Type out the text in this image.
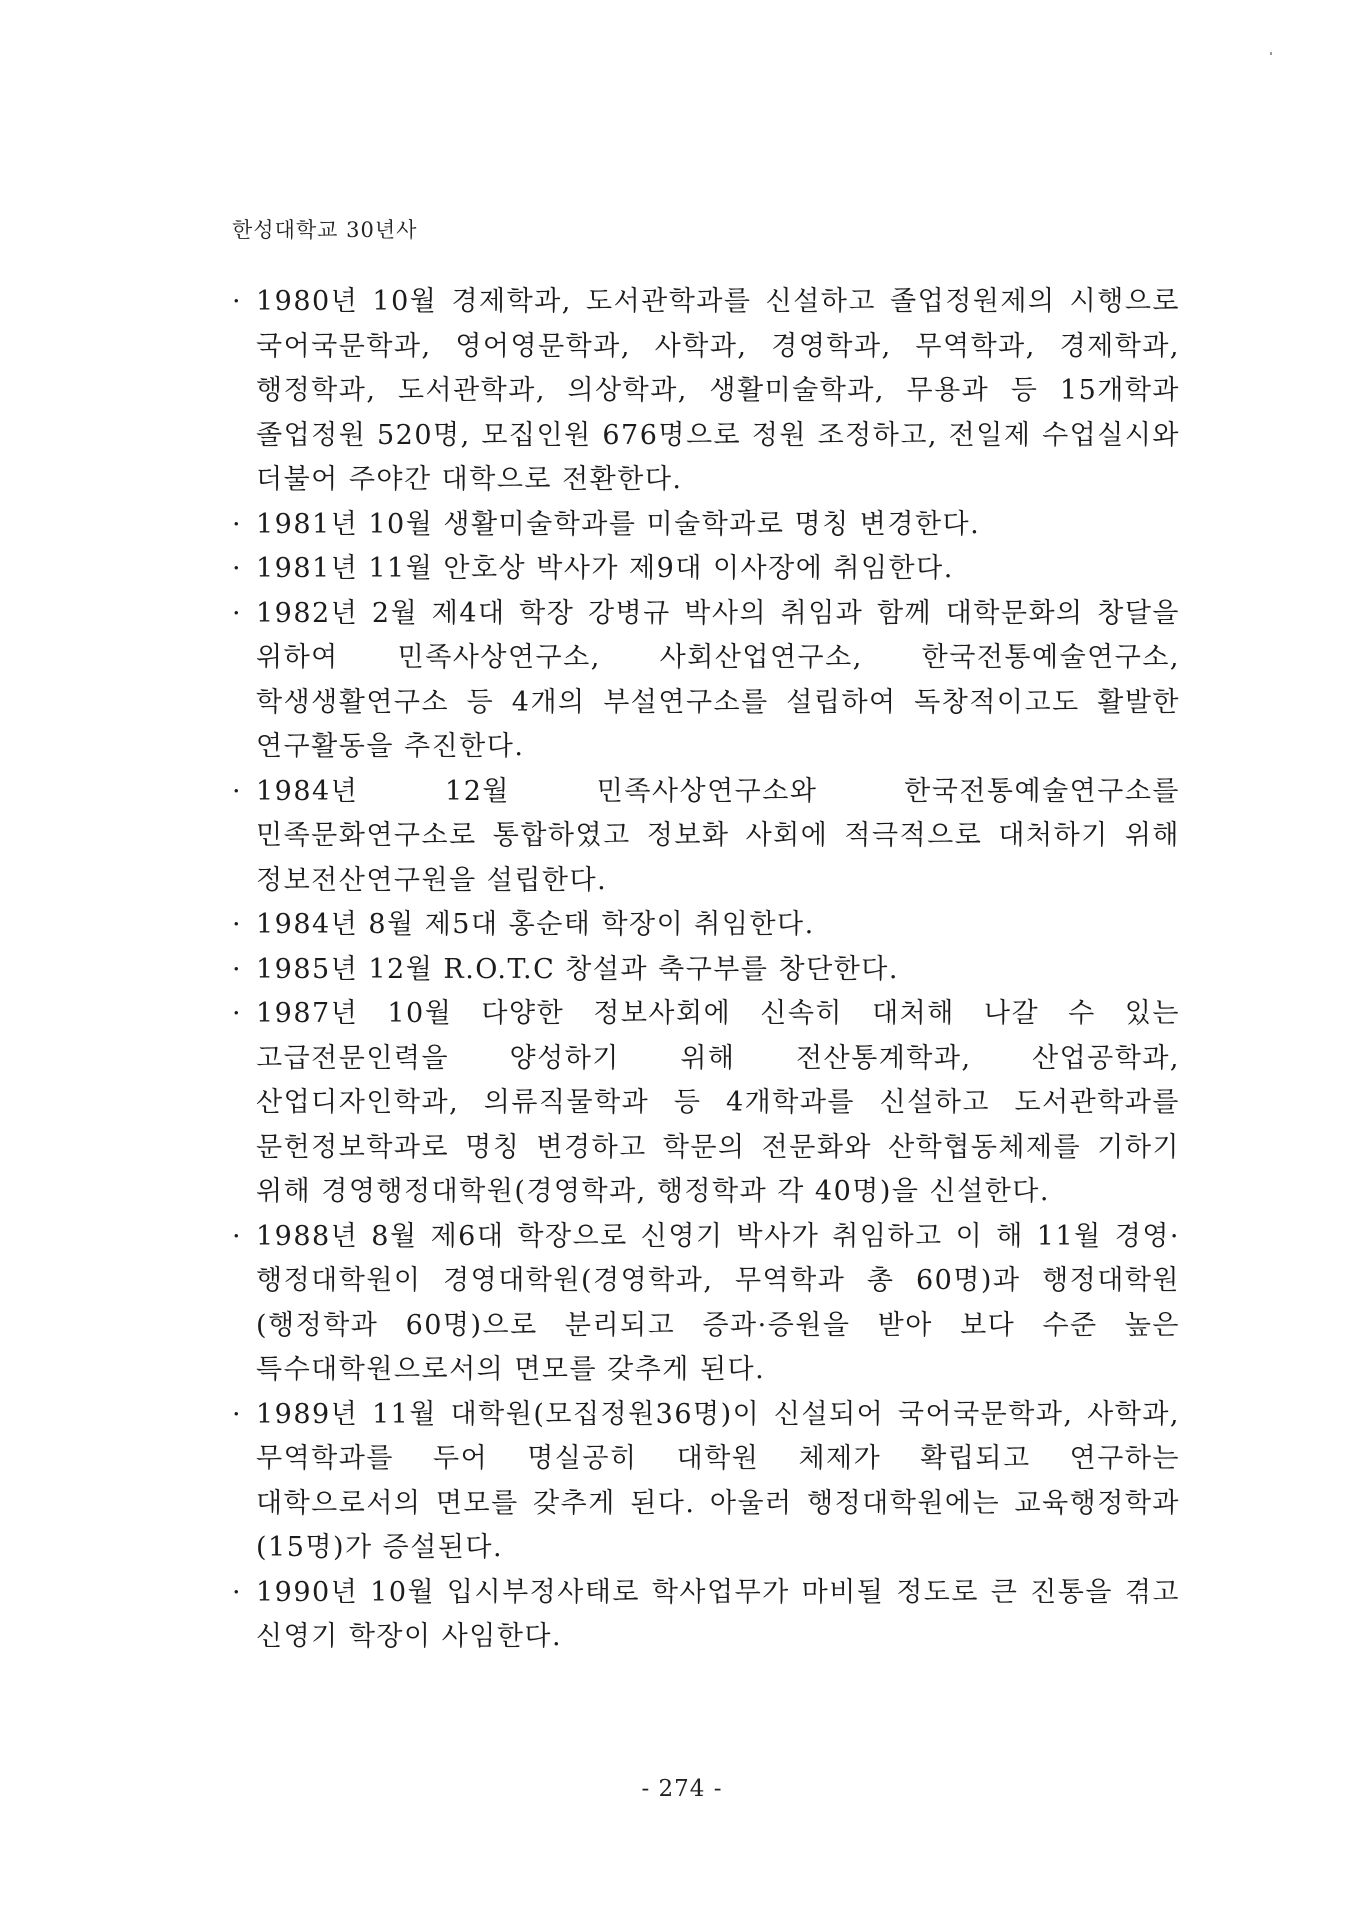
한성대학교 30년사
· 1980년 10월 경제학과, 도서관학과를 신설하고 졸업정원제의 시행으로 국어국문학과, 영어영문학과, 사학과, 경영학과, 무역학과, 경제학과, 행정학과, 도서관학과, 의상학과, 생활미술학과, 무용과 등 15개학과 졸업정원 520명, 모집인원 676명으로 정원 조정하고, 전일제 수업실시와 더불어 주야간 대학으로 전환한다.
· 1981년 10월 생활미술학과를 미술학과로 명칭 변경한다.
· 1981년 11월 안호상 박사가 제9대 이사장에 취임한다.
· 1982년 2월 제4대 학장 강병규 박사의 취임과 함께 대학문화의 창달을 위하여 민족사상연구소, 사회산업연구소, 한국전통예술연구소, 학생생활연구소 등 4개의 부설연구소를 설립하여 독창적이고도 활발한 연구활동을 추진한다.
· 1984년 12월 민족사상연구소와 한국전통예술연구소를 민족문화연구소로 통합하였고 정보화 사회에 적극적으로 대처하기 위해 정보전산연구원을 설립한다.
· 1984년 8월 제5대 홍순태 학장이 취임한다.
· 1985년 12월 R.O.T.C 창설과 축구부를 창단한다.
· 1987년 10월 다양한 정보사회에 신속히 대처해 나갈 수 있는 고급전문인력을 양성하기 위해 전산통계학과, 산업공학과, 산업디자인학과, 의류직물학과 등 4개학과를 신설하고 도서관학과를 문헌정보학과로 명칭 변경하고 학문의 전문화와 산학협동체제를 기하기 위해 경영행정대학원(경영학과, 행정학과 각 40명)을 신설한다.
· 1988년 8월 제6대 학장으로 신영기 박사가 취임하고 이 해 11월 경영·행정대학원이 경영대학원(경영학과, 무역학과 총 60명)과 행정대학원(행정학과 60명)으로 분리되고 증과·증원을 받아 보다 수준 높은 특수대학원으로서의 면모를 갖추게 된다.
· 1989년 11월 대학원(모집정원36명)이 신설되어 국어국문학과, 사학과, 무역학과를 두어 명실공히 대학원 체제가 확립되고 연구하는 대학으로서의 면모를 갖추게 된다. 아울러 행정대학원에는 교육행정학과(15명)가 증설된다.
· 1990년 10월 입시부정사태로 학사업무가 마비될 정도로 큰 진통을 겪고 신영기 학장이 사임한다.
- 274 -
